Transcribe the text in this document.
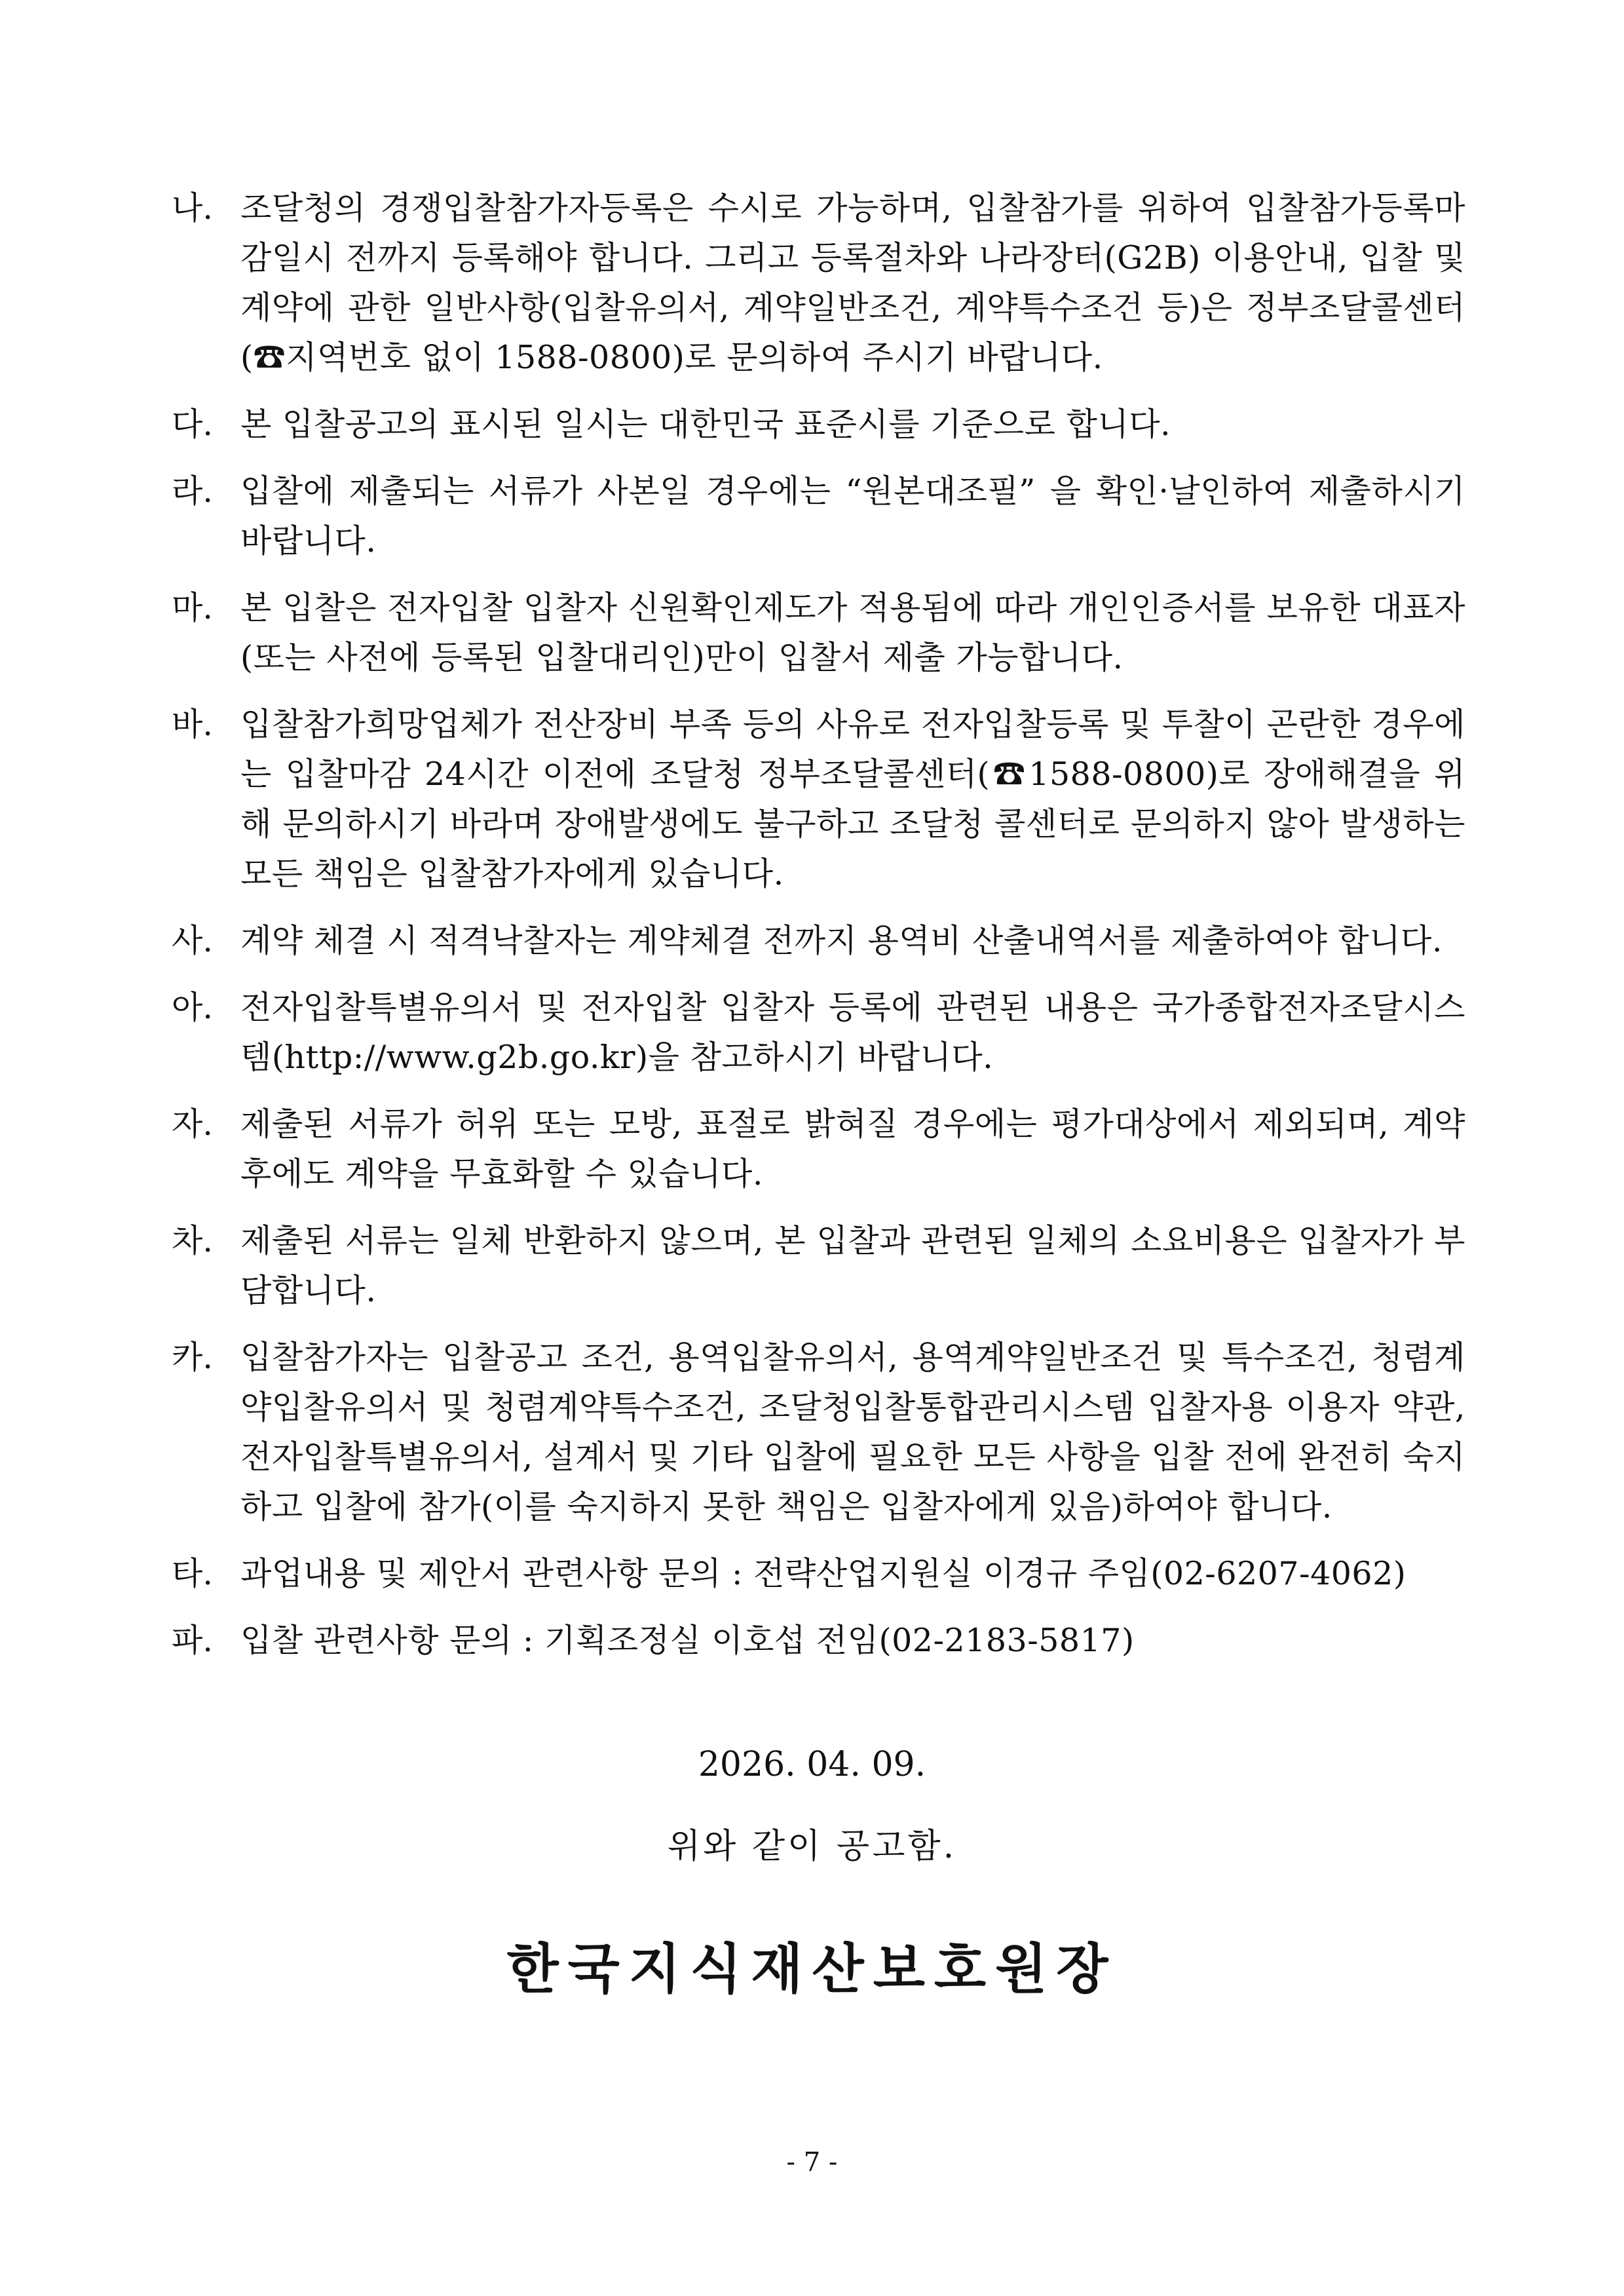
나. 조달청의 경쟁입찰참가자등록은 수시로 가능하며, 입찰참가를 위하여 입찰참가등록마감일시 전까지 등록해야 합니다. 그리고 등록절차와 나라장터(G2B) 이용안내, 입찰 및 계약에 관한 일반사항(입찰유의서, 계약일반조건, 계약특수조건 등)은 정부조달콜센터(☎지역번호 없이 1588-0800)로 문의하여 주시기 바랍니다.
다. 본 입찰공고의 표시된 일시는 대한민국 표준시를 기준으로 합니다.
라. 입찰에 제출되는 서류가 사본일 경우에는 “원본대조필” 을 확인·날인하여 제출하시기 바랍니다.
마. 본 입찰은 전자입찰 입찰자 신원확인제도가 적용됨에 따라 개인인증서를 보유한 대표자(또는 사전에 등록된 입찰대리인)만이 입찰서 제출 가능합니다.
바. 입찰참가희망업체가 전산장비 부족 등의 사유로 전자입찰등록 및 투찰이 곤란한 경우에는 입찰마감 24시간 이전에 조달청 정부조달콜센터(☎1588-0800)로 장애해결을 위해 문의하시기 바라며 장애발생에도 불구하고 조달청 콜센터로 문의하지 않아 발생하는 모든 책임은 입찰참가자에게 있습니다.
사. 계약 체결 시 적격낙찰자는 계약체결 전까지 용역비 산출내역서를 제출하여야 합니다.
아. 전자입찰특별유의서 및 전자입찰 입찰자 등록에 관련된 내용은 국가종합전자조달시스템(http://www.g2b.go.kr)을 참고하시기 바랍니다.
자. 제출된 서류가 허위 또는 모방, 표절로 밝혀질 경우에는 평가대상에서 제외되며, 계약 후에도 계약을 무효화할 수 있습니다.
차. 제출된 서류는 일체 반환하지 않으며, 본 입찰과 관련된 일체의 소요비용은 입찰자가 부담합니다.
카. 입찰참가자는 입찰공고 조건, 용역입찰유의서, 용역계약일반조건 및 특수조건, 청렴계약입찰유의서 및 청렴계약특수조건, 조달청입찰통합관리시스템 입찰자용 이용자 약관, 전자입찰특별유의서, 설계서 및 기타 입찰에 필요한 모든 사항을 입찰 전에 완전히 숙지하고 입찰에 참가(이를 숙지하지 못한 책임은 입찰자에게 있음)하여야 합니다.
타. 과업내용 및 제안서 관련사항 문의 : 전략산업지원실 이경규 주임(02-6207-4062)
파. 입찰 관련사항 문의 : 기획조정실 이호섭 전임(02-2183-5817)
2026. 04. 09.
위와 같이 공고함.
한국지식재산보호원장
- 7 -
